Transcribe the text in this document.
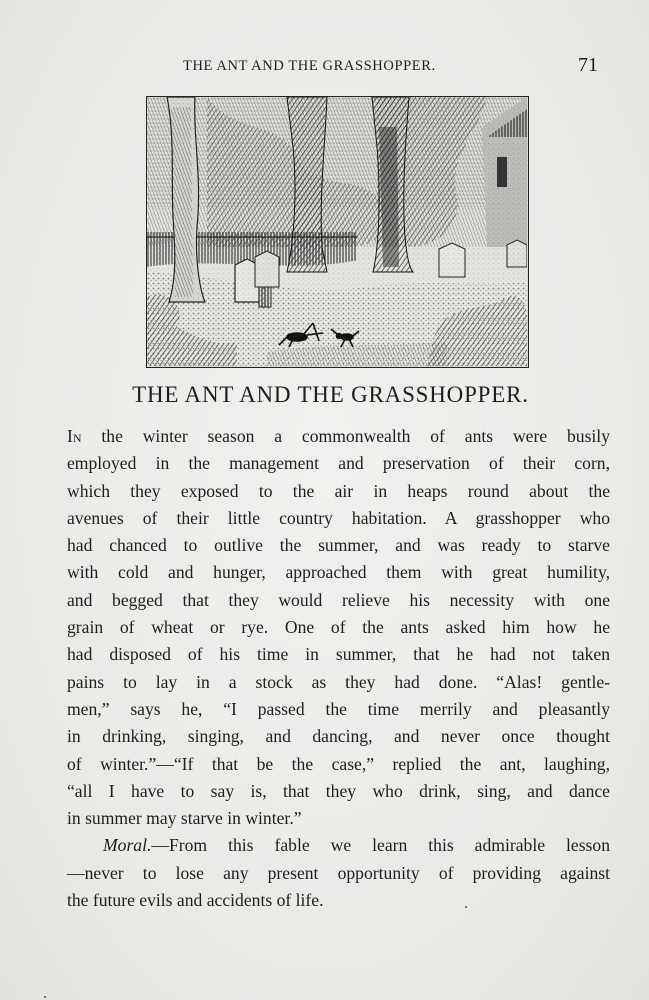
THE ANT AND THE GRASSHOPPER.	71
THE ANT AND THE GRASSHOPPER.
In the winter season a commonwealth of ants were busily
employed in the management and preservation of their corn,
which they exposed to the air in heaps round about the
avenues of their little country habitation. A grasshopper who
had chanced to outlive the summer, and was ready to starve
with cold and hunger, approached them with great humility,
and begged that they would relieve his necessity with one
grain of wheat or rye. One of the ants asked him how he
had disposed of his time in summer, that he had not taken
pains to lay in a stock as they had done. “Alas! gentle-
men,” says he, “I passed the time merrily and pleasantly
in drinking, singing, and dancing, and never once thought
of winter.”—“If that be the case,” replied the ant, laughing,
“all I have to say is, that they who drink, sing, and dance
in summer may starve in winter.”
Moral.—From this fable we learn this admirable lesson
—never to lose any present opportunity of providing against
the future evils and accidents of life.
